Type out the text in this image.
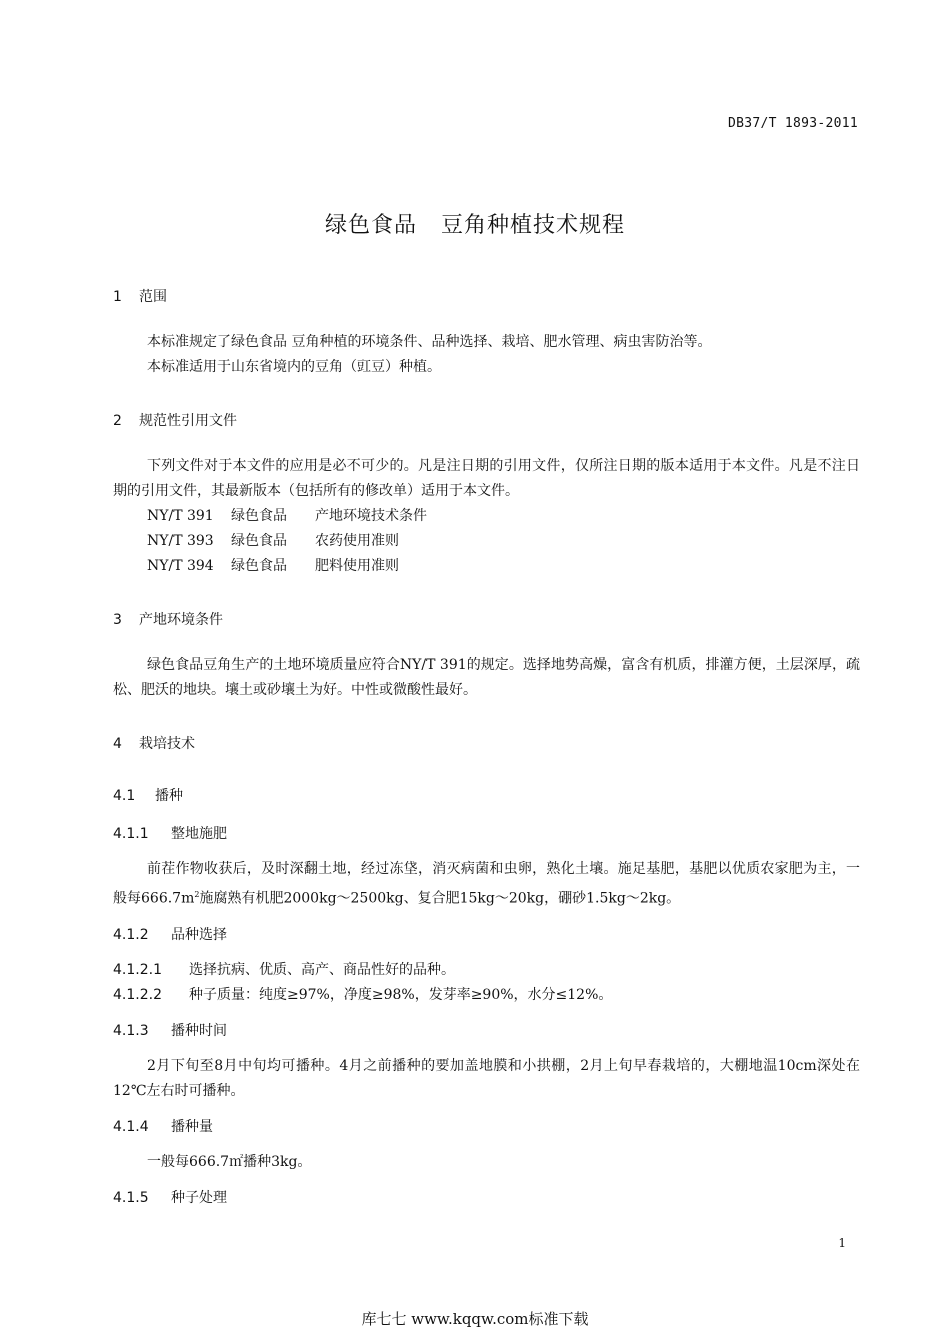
DB37/T 1893-2011
绿色食品 豆角种植技术规程

1 范围

本标准规定了绿色食品 豆角种植的环境条件、品种选择、栽培、肥水管理、病虫害防治等。

本标准适用于山东省境内的豆角（豇豆）种植。

2 规范性引用文件

下列文件对于本文件的应用是必不可少的。凡是注日期的引用文件，仅所注日期的版本适用于本文件。凡是不注日期的引用文件，其最新版本（包括所有的修改单）适用于本文件。

NY/T 391 绿色食品 产地环境技术条件

NY/T 393 绿色食品 农药使用准则

NY/T 394 绿色食品 肥料使用准则

3 产地环境条件

绿色食品豆角生产的土地环境质量应符合NY/T 391的规定。选择地势高燥，富含有机质，排灌方便，土层深厚，疏松、肥沃的地块。壤土或砂壤土为好。中性或微酸性最好。

4 栽培技术

4.1 播种

4.1.1 整地施肥

前茬作物收获后，及时深翻土地，经过冻垡，消灭病菌和虫卵，熟化土壤。施足基肥，基肥以优质农家肥为主，一般每$666.7m^2$施腐熟有机肥2000kg～2500kg、复合肥15kg～20kg，硼砂1.5kg～2kg。

4.1.2 品种选择

4.1.2.1 选择抗病、优质、高产、商品性好的品种。

4.1.2.2 种子质量：纯度≥97%，净度≥98%，发芽率≥90%，水分≤12%。

4.1.3 播种时间

2月下旬至8月中旬均可播种。4月之前播种的要加盖地膜和小拱棚，2月上旬早春栽培的，大棚地温10cm深处在12℃左右时可播种。

4.1.4 播种量

一般每666.7㎡播种3kg。

4.1.5 种子处理

1
库七七 www.kqqw.com标准下载
